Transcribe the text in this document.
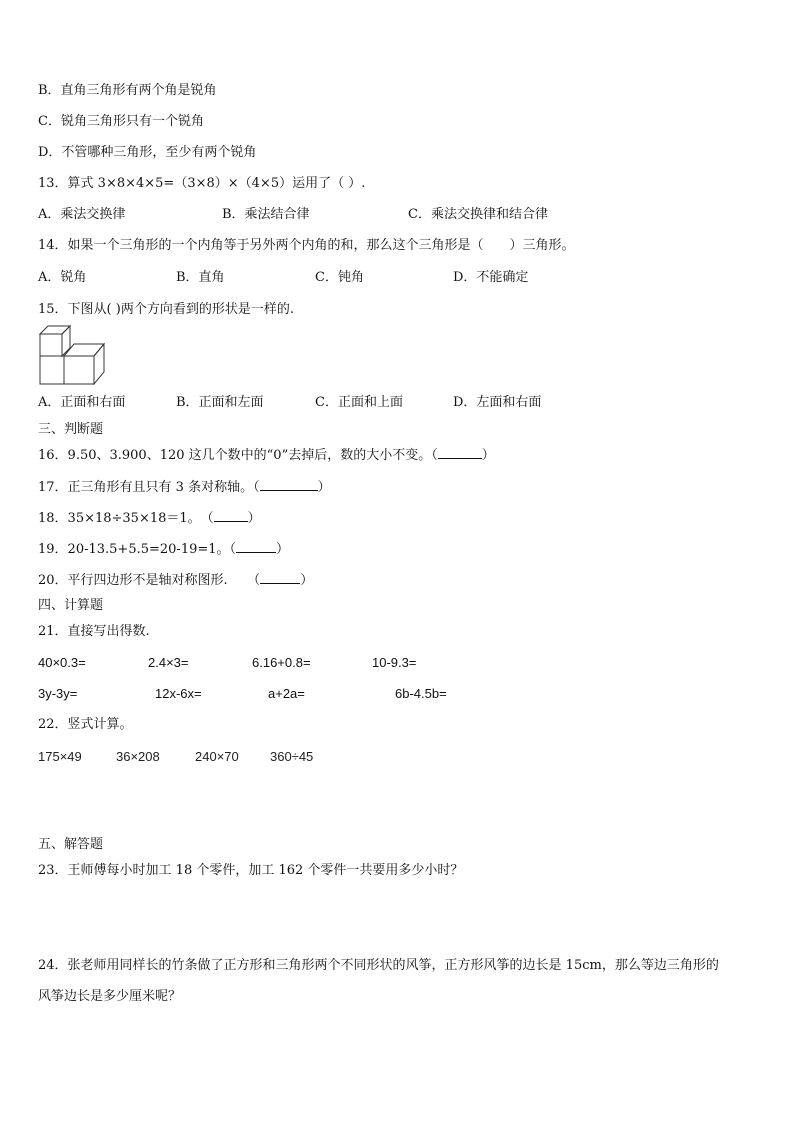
B．直角三角形有两个角是锐角
C．锐角三角形只有一个锐角
D．不管哪种三角形，至少有两个锐角
13．算式 3×8×4×5=（3×8）×（4×5）运用了（ ）.
A．乘法交换律	B．乘法结合律	C．乘法交换律和结合律
14．如果一个三角形的一个内角等于另外两个内角的和，那么这个三角形是（　　）三角形。
A．锐角	B．直角	C．钝角	D．不能确定
15．下图从( )两个方向看到的形状是一样的.
A．正面和右面	B．正面和左面	C．正面和上面	D．左面和右面
三、判断题
16．9.50、3.900、120 这几个数中的“0”去掉后，数的大小不变。（	）
17．正三角形有且只有 3 条对称轴。（	）
18．35×18÷35×18＝1。　（	）
19．20-13.5+5.5=20-19=1。（	）
20．平行四边形不是轴对称图形.　　（	）
四、计算题
21．直接写出得数.
40×0.3=	2.4×3=	6.16+0.8=	10-9.3=
3y-3y=	12x-6x=	a+2a=	6b-4.5b=
22．竖式计算。
175×49	36×208	240×70 360÷45
五、解答题
23．王师傅每小时加工 18 个零件，加工 162 个零件一共要用多少小时？
24．张老师用同样长的竹条做了正方形和三角形两个不同形状的风筝，正方形风筝的边长是 15cm，那么等边三角形的
风筝边长是多少厘米呢？
